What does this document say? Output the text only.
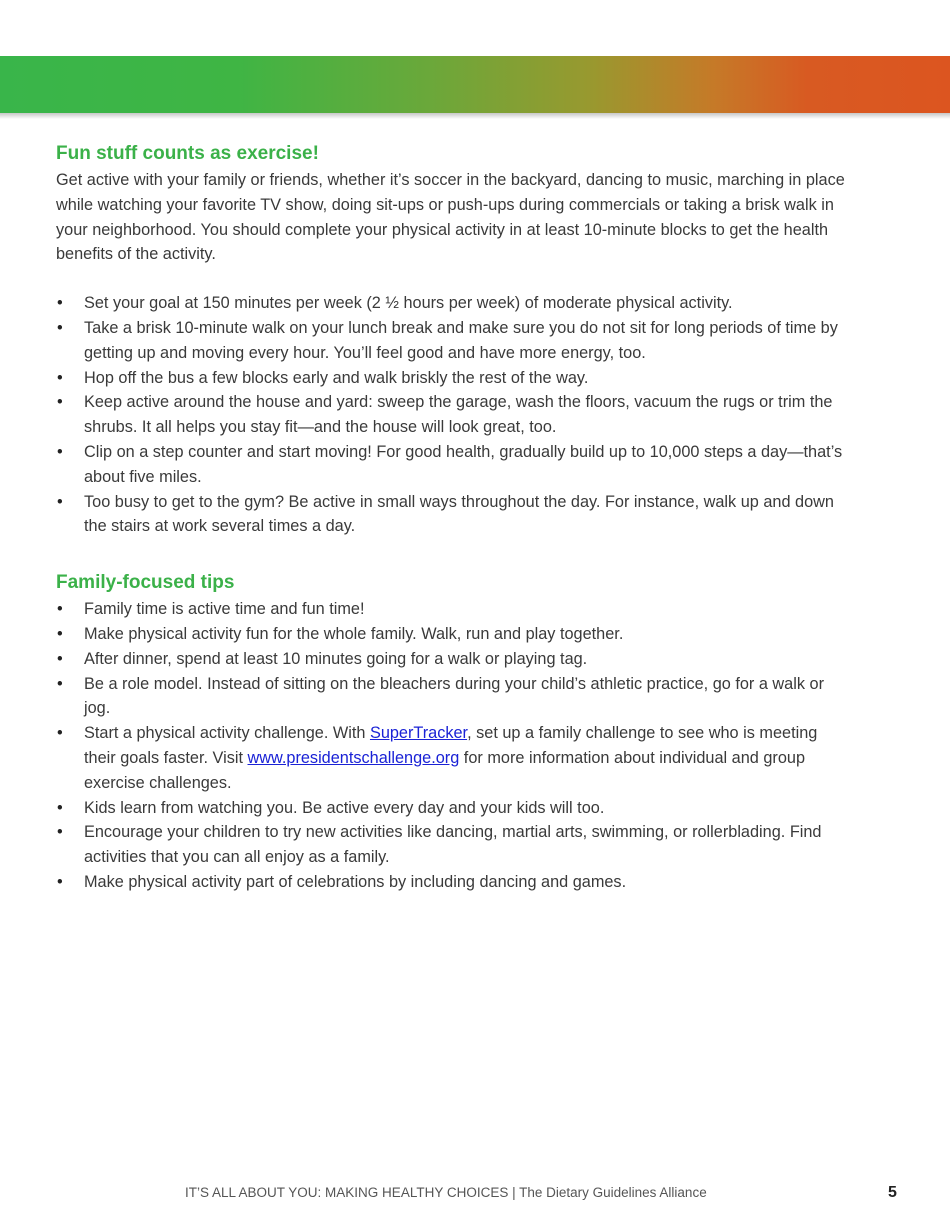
Fun stuff counts as exercise!

Get active with your family or friends, whether it’s soccer in the backyard, dancing to music, marching in place while watching your favorite TV show, doing sit-ups or push-ups during commercials or taking a brisk walk in your neighborhood. You should complete your physical activity in at least 10-minute blocks to get the health benefits of the activity.

• Set your goal at 150 minutes per week (2 ½ hours per week) of moderate physical activity.
• Take a brisk 10-minute walk on your lunch break and make sure you do not sit for long periods of time by getting up and moving every hour. You’ll feel good and have more energy, too.
• Hop off the bus a few blocks early and walk briskly the rest of the way.
• Keep active around the house and yard: sweep the garage, wash the floors, vacuum the rugs or trim the shrubs. It all helps you stay fit—and the house will look great, too.
• Clip on a step counter and start moving! For good health, gradually build up to 10,000 steps a day—that’s about five miles.
• Too busy to get to the gym? Be active in small ways throughout the day. For instance, walk up and down the stairs at work several times a day.
Family-focused tips
• Family time is active time and fun time!
• Make physical activity fun for the whole family. Walk, run and play together.
• After dinner, spend at least 10 minutes going for a walk or playing tag.
• Be a role model. Instead of sitting on the bleachers during your child’s athletic practice, go for a walk or jog.
• Start a physical activity challenge. With SuperTracker, set up a family challenge to see who is meeting their goals faster. Visit www.presidentschallenge.org for more information about individual and group exercise challenges.
• Kids learn from watching you. Be active every day and your kids will too.
• Encourage your children to try new activities like dancing, martial arts, swimming, or rollerblading. Find activities that you can all enjoy as a family.
• Make physical activity part of celebrations by including dancing and games.
IT’S ALL ABOUT YOU: MAKING HEALTHY CHOICES | The Dietary Guidelines Alliance	5
